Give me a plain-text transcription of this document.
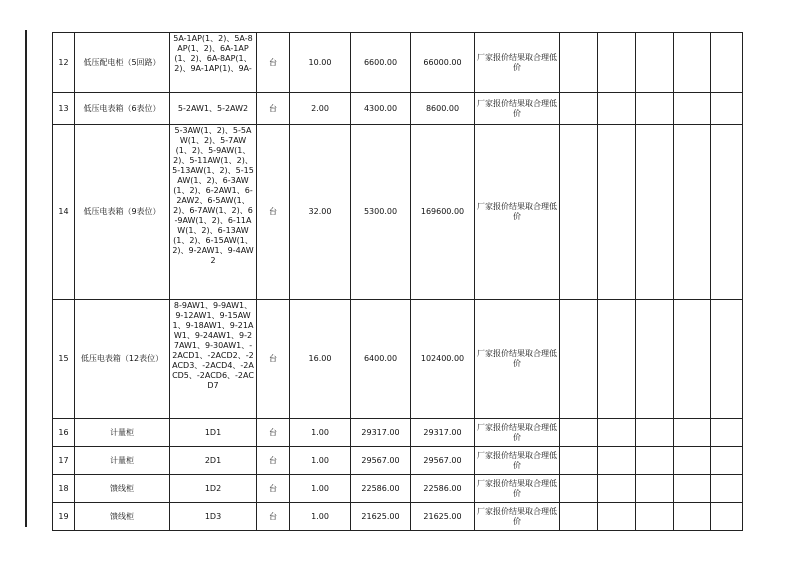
12	低压配电柜（5回路）	5A-1AP(1、2)、5A-8AP(1、2)、6A-1AP(1、2)、6A-8AP(1、2)、9A-1AP(1)、9A-	台	10.00	6600.00	66000.00	厂家报价结果取合理低价					
13	低压电表箱（6表位）	5-2AW1、5-2AW2	台	2.00	4300.00	8600.00	厂家报价结果取合理低价					
14	低压电表箱（9表位）	5-3AW(1、2)、5-5AW(1、2)、5-7AW(1、2)、5-9AW(1、2)、5-11AW(1、2)、5-13AW(1、2)、5-15AW(1、2)、6-3AW(1、2)、6-2AW1、6-2AW2、6-5AW(1、2)、6-7AW(1、2)、6-9AW(1、2)、6-11AW(1、2)、6-13AW(1、2)、6-15AW(1、2)、9-2AW1、9-4AW2	台	32.00	5300.00	169600.00	厂家报价结果取合理低价					
15	低压电表箱（12表位）	8-9AW1、9-9AW1、9-12AW1、9-15AW1、9-18AW1、9-21AW1、9-24AW1、9-27AW1、9-30AW1、-2ACD1、-2ACD2、-2ACD3、-2ACD4、-2ACD5、-2ACD6、-2ACD7	台	16.00	6400.00	102400.00	厂家报价结果取合理低价					
16	计量柜	1D1	台	1.00	29317.00	29317.00	厂家报价结果取合理低价					
17	计量柜	2D1	台	1.00	29567.00	29567.00	厂家报价结果取合理低价					
18	馈线柜	1D2	台	1.00	22586.00	22586.00	厂家报价结果取合理低价					
19	馈线柜	1D3	台	1.00	21625.00	21625.00	厂家报价结果取合理低价					
